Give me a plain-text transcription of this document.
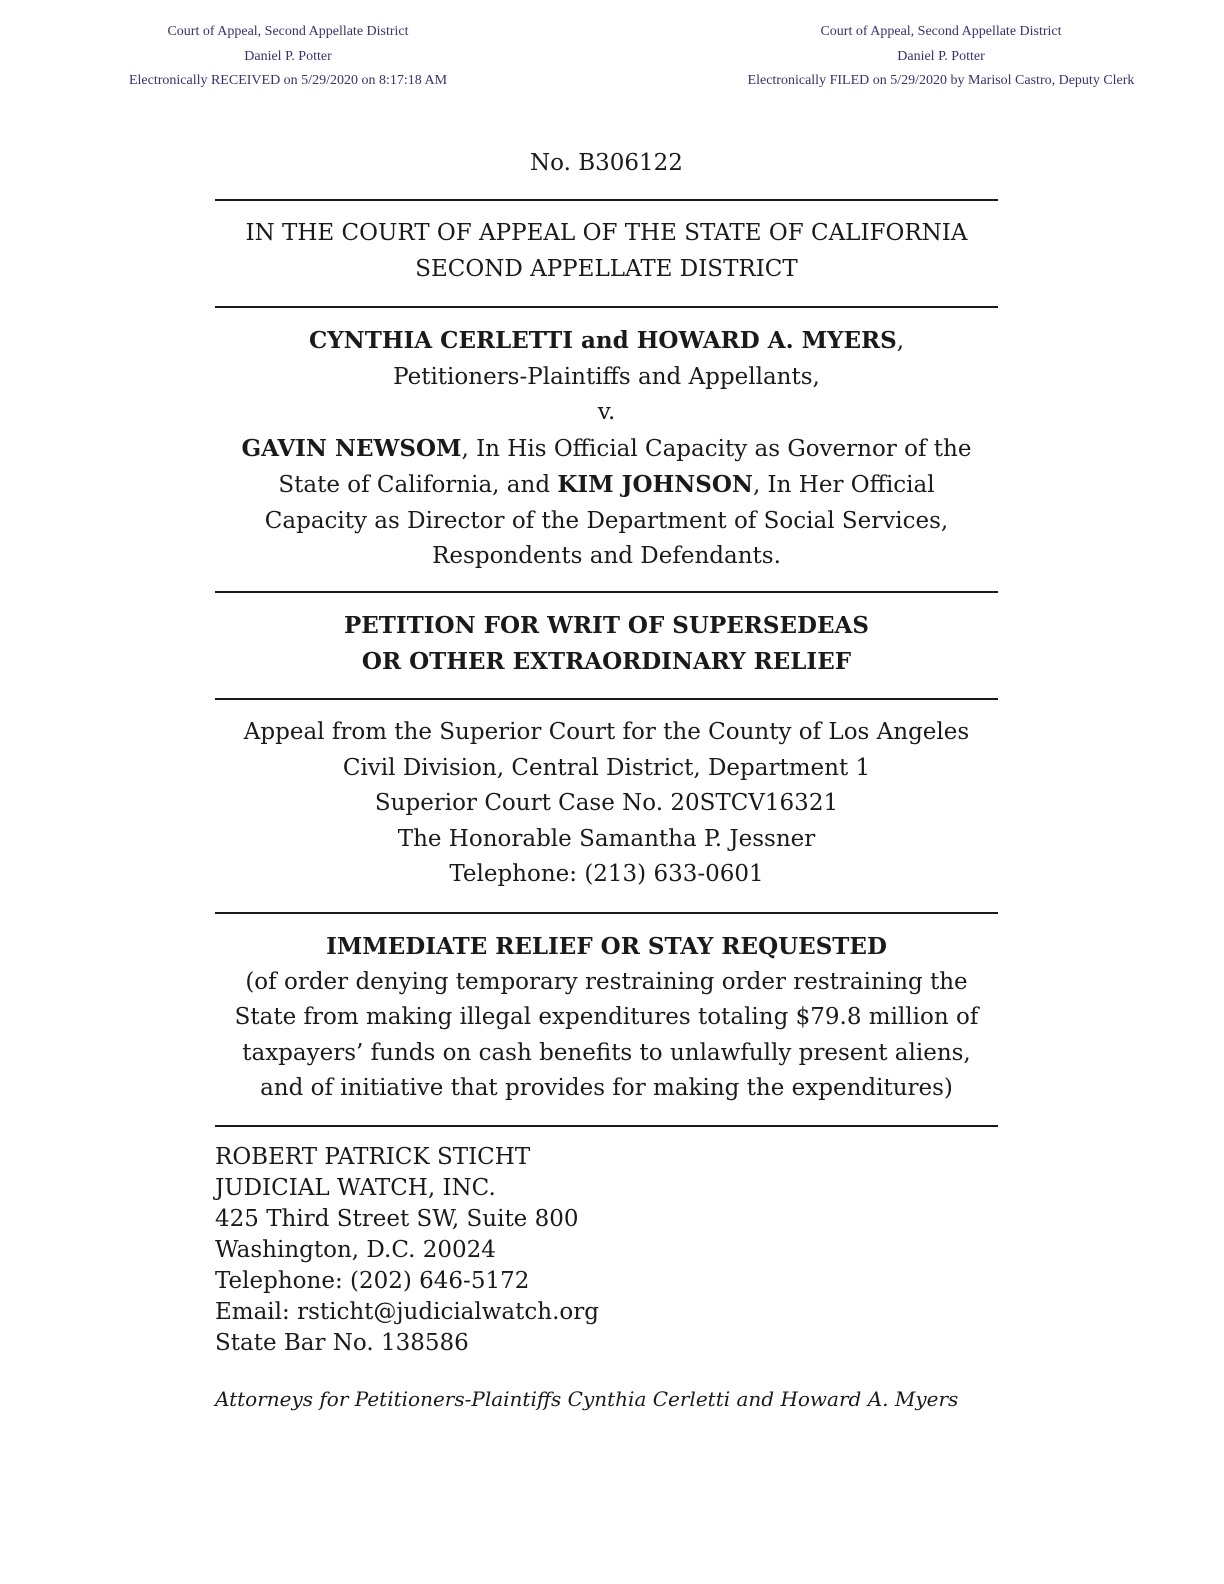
Court of Appeal, Second Appellate District
Daniel P. Potter
Electronically RECEIVED on 5/29/2020 on 8:17:18 AM
Court of Appeal, Second Appellate District
Daniel P. Potter
Electronically FILED on 5/29/2020 by Marisol Castro, Deputy Clerk
No. B306122
IN THE COURT OF APPEAL OF THE STATE OF CALIFORNIA
SECOND APPELLATE DISTRICT
CYNTHIA CERLETTI and HOWARD A. MYERS,
Petitioners-Plaintiffs and Appellants,
v.
GAVIN NEWSOM, In His Official Capacity as Governor of the
State of California, and KIM JOHNSON, In Her Official
Capacity as Director of the Department of Social Services,
Respondents and Defendants.
PETITION FOR WRIT OF SUPERSEDEAS
OR OTHER EXTRAORDINARY RELIEF
Appeal from the Superior Court for the County of Los Angeles
Civil Division, Central District, Department 1
Superior Court Case No. 20STCV16321
The Honorable Samantha P. Jessner
Telephone: (213) 633-0601
IMMEDIATE RELIEF OR STAY REQUESTED
(of order denying temporary restraining order restraining the
State from making illegal expenditures totaling $79.8 million of
taxpayers’ funds on cash benefits to unlawfully present aliens,
and of initiative that provides for making the expenditures)
ROBERT PATRICK STICHT
JUDICIAL WATCH, INC.
425 Third Street SW, Suite 800
Washington, D.C. 20024
Telephone: (202) 646-5172
Email: rsticht@judicialwatch.org
State Bar No. 138586
Attorneys for Petitioners-Plaintiffs Cynthia Cerletti and Howard A. Myers
